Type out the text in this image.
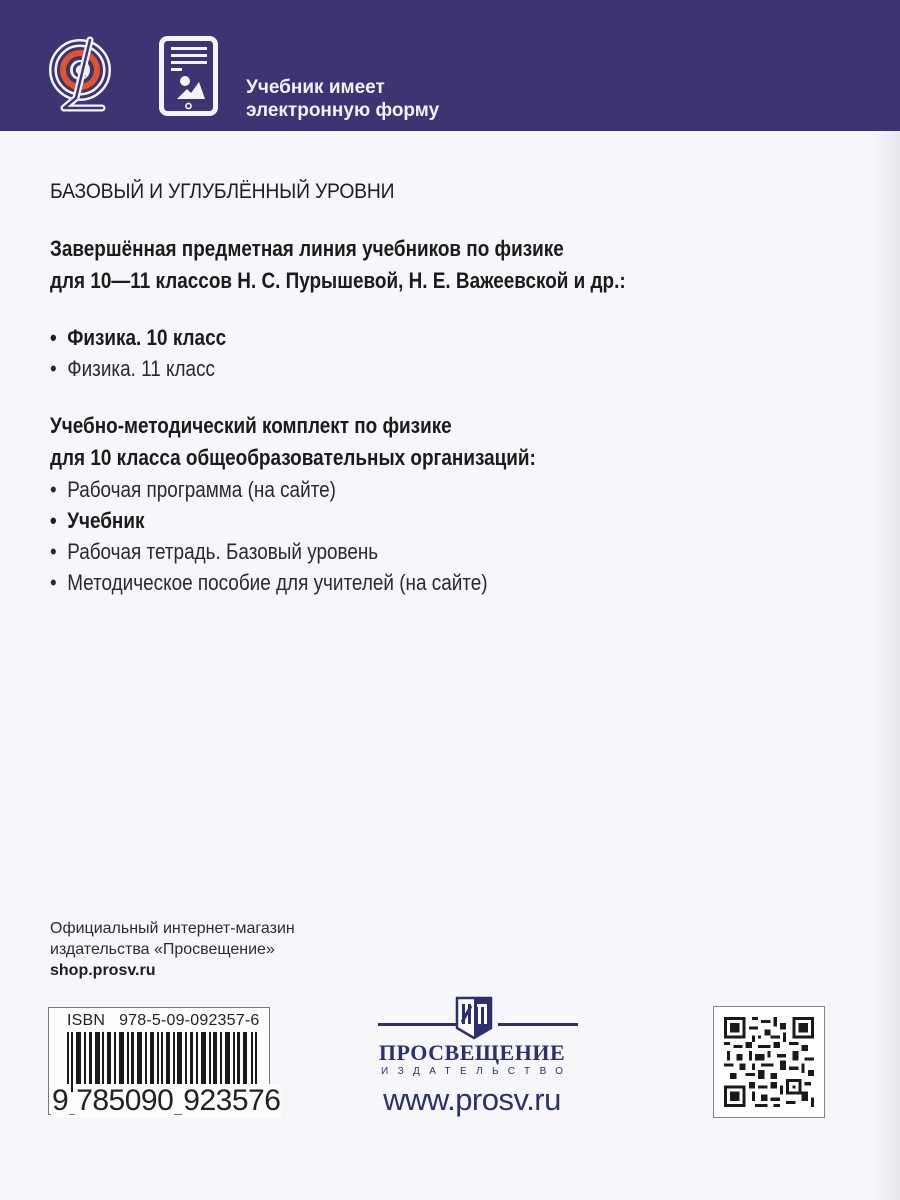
Учебник имеет
электронную форму
БАЗОВЫЙ И УГЛУБЛЁННЫЙ УРОВНИ
Завершённая предметная линия учебников по физике
для 10—11 классов Н. С. Пурышевой, Н. Е. Важеевской и др.:
• Физика. 10 класс
• Физика. 11 класс
Учебно-методический комплект по физике
для 10 класса общеобразовательных организаций:
• Рабочая программа (на сайте)
• Учебник
• Рабочая тетрадь. Базовый уровень
• Методическое пособие для учителей (на сайте)
Официальный интернет-магазин
издательства «Просвещение»
shop.prosv.ru
ISBN   978-5-09-092357-6
9 785090 923576
ПРОСВЕЩЕНИЕ
ИЗДАТЕЛЬСТВО
www.prosv.ru
